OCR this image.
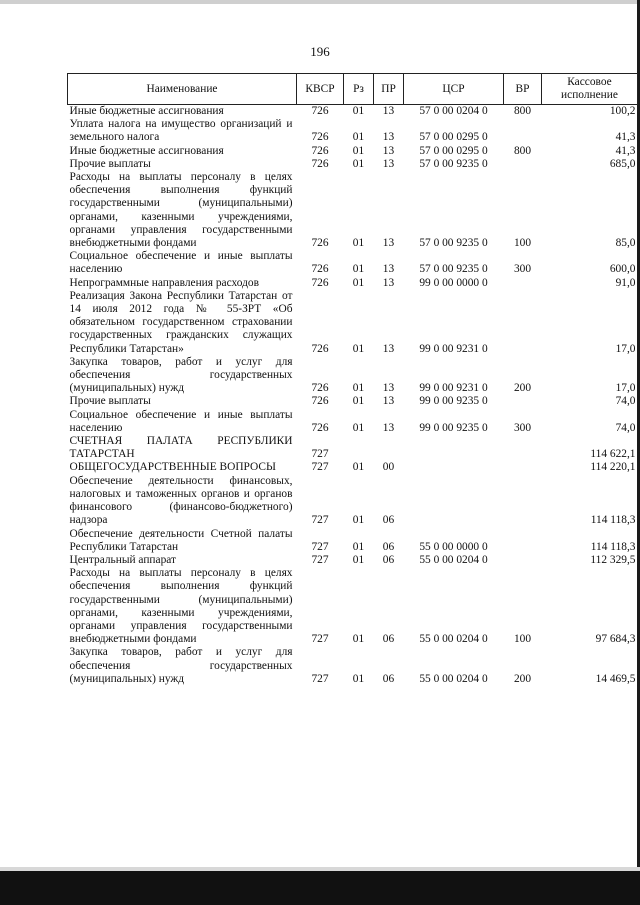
196
Наименование	КВСР	Рз	ПР	ЦСР	ВР	Кассовое исполнение
Иные бюджетные ассигнования	726	01	13	57 0 00 0204 0	800	100,2
Уплата налога на имущество организаций и земельного налога	726	01	13	57 0 00 0295 0		41,3
Иные бюджетные ассигнования	726	01	13	57 0 00 0295 0	800	41,3
Прочие выплаты	726	01	13	57 0 00 9235 0		685,0
Расходы на выплаты персоналу в целях обеспечения выполнения функций государственными (муниципальными) органами, казенными учреждениями, органами управления государственными внебюджетными фондами	726	01	13	57 0 00 9235 0	100	85,0
Социальное обеспечение и иные выплаты населению	726	01	13	57 0 00 9235 0	300	600,0
Непрограммные направления расходов	726	01	13	99 0 00 0000 0		91,0
Реализация Закона Республики Татарстан от 14 июля 2012 года № 55-ЗРТ «Об обязательном государственном страховании государственных гражданских служащих Республики Татарстан»	726	01	13	99 0 00 9231 0		17,0
Закупка товаров, работ и услуг для обеспечения государственных (муниципальных) нужд	726	01	13	99 0 00 9231 0	200	17,0
Прочие выплаты	726	01	13	99 0 00 9235 0		74,0
Социальное обеспечение и иные выплаты населению	726	01	13	99 0 00 9235 0	300	74,0
СЧЕТНАЯ ПАЛАТА РЕСПУБЛИКИ ТАТАРСТАН	727					114 622,1
ОБЩЕГОСУДАРСТВЕННЫЕ ВОПРОСЫ	727	01	00			114 220,1
Обеспечение деятельности финансовых, налоговых и таможенных органов и органов финансового (финансово-бюджетного) надзора	727	01	06			114 118,3
Обеспечение деятельности Счетной палаты Республики Татарстан	727	01	06	55 0 00 0000 0		114 118,3
Центральный аппарат	727	01	06	55 0 00 0204 0		112 329,5
Расходы на выплаты персоналу в целях обеспечения выполнения функций государственными (муниципальными) органами, казенными учреждениями, органами управления государственными внебюджетными фондами	727	01	06	55 0 00 0204 0	100	97 684,3
Закупка товаров, работ и услуг для обеспечения государственных (муниципальных) нужд	727	01	06	55 0 00 0204 0	200	14 469,5
